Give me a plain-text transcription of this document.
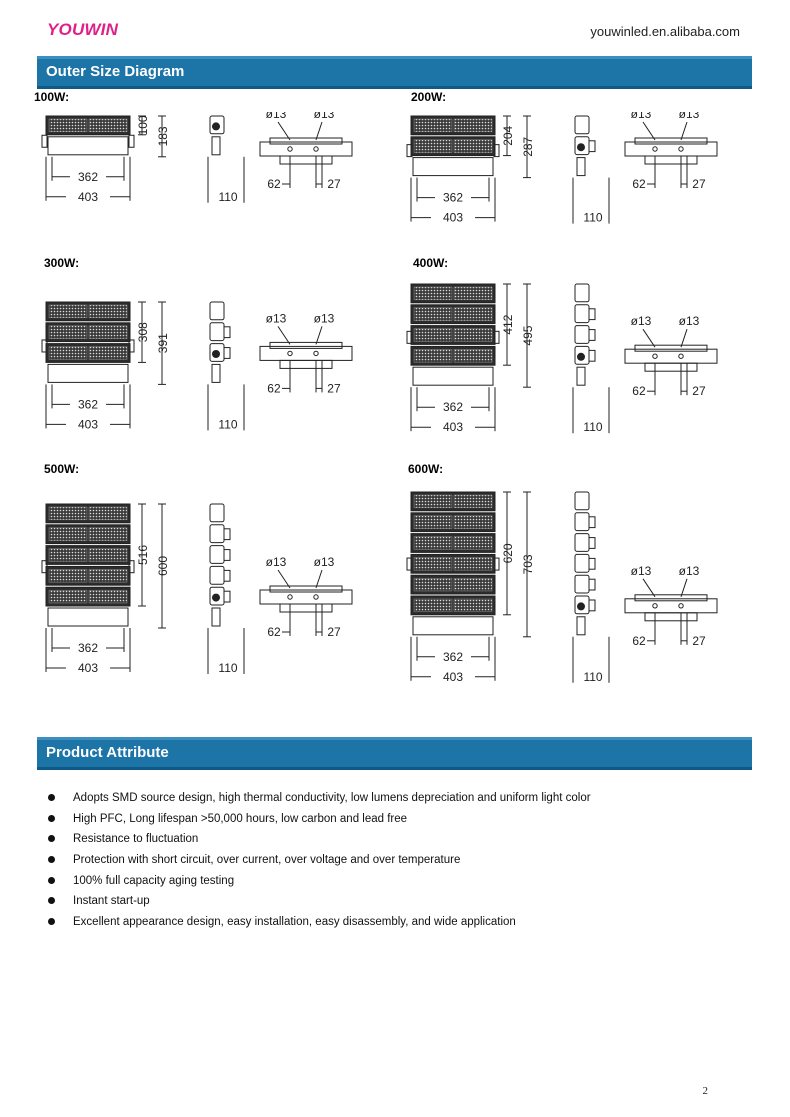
YOUWIN	youwinled.en.alibaba.com
Outer Size Diagram
100W:
100
183
362
403	110
ø13 ø13
62	27
200W:
204
287
362
403	110
ø13 ø13
62	27
300W:
308
391
362
403	110
ø13 ø13
62	27
400W:
412
495
362
403	110
ø13 ø13
62	27
500W:
516
600
362
403	110
ø13 ø13
62	27
600W:
620
703
362
403	110
ø13 ø13
62	27
Product Attribute
Adopts SMD source design, high thermal conductivity, low lumens depreciation and uniform light color
High PFC, Long lifespan >50,000 hours, low carbon and lead free
Resistance to fluctuation
Protection with short circuit, over current, over voltage and over temperature
100% full capacity aging testing
Instant start-up
Excellent appearance design, easy installation, easy disassembly, and wide application
2
